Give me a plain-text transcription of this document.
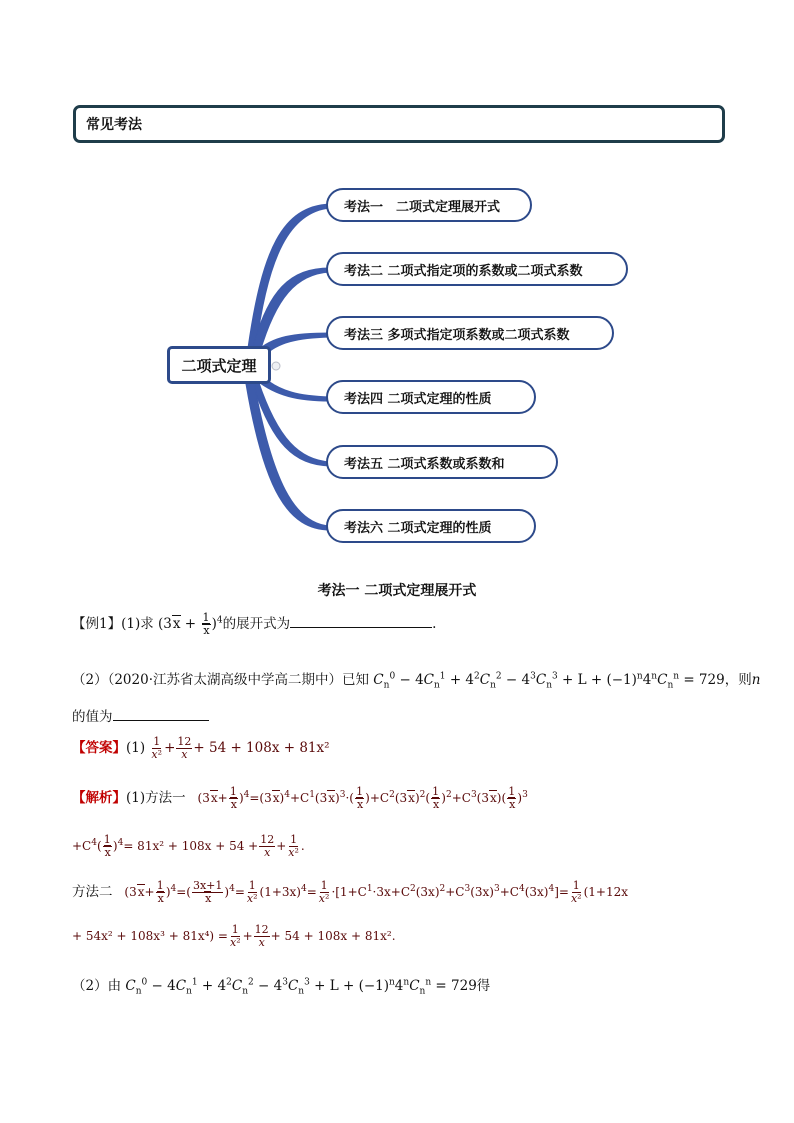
常见考法
二项式定理
考法一　二项式定理展开式
考法二 二项式指定项的系数或二项式系数
考法三 多项式指定项系数或二项式系数
考法四 二项式定理的性质
考法五 二项式系数或系数和
考法六 二项式定理的性质
考法一 二项式定理展开式
【例1】(1)求 $(3x + \frac{1}{x} )^4$的展开式为	.
（2）（2020·江苏省太湖高级中学高二期中）已知 $C_n^0 - 4C_n^1 + 4^2C_n^2 - 4^3C_n^3 + L + (-1)^n4^nC_n^n = 729$，则n
的值为
【答案】$(1) \frac{1}{\text{x²}} + \frac{12}{x} + 54 + 108x + 81x^2$
【解析】(1)方法一   $(3x+ \frac{1}{x} )^4=(3x)^4+C^1(3x)^3\cdot( \frac{1}{x} )+C^2(3x)^2( \frac{1}{x} )^2+C^3(3x)( \frac{1}{x} )^3$
$+C^4( \frac{1}{x} )^4= 81x^2 + 108x + 54 + \frac{12}{x} + \frac{1}{\text{x²}}$ .
方法二   $(3x+ \frac{1}{x} )^4=( \frac{3x+1}{x} )^4= \frac{1}{\text{x²}} (1+3x)^4= \frac{1}{\text{x²}} \cdot[1+C^1\cdot 3x+C^2(3x)^2+C^3(3x)^3+C^4(3x)^4]= \frac{1}{\text{x²}} (1+12x$
+ $54x^2 + 108x^3 + 81x^4) = \frac{1}{\text{x²}} + \frac{12}{x} + 54 + 108x + 81x^2$.
（2）由 $C_n^0 - 4C_n^1 + 4^2C_n^2 - 4^3C_n^3 + L + (-1)^n4^nC_n^n = 729$得
